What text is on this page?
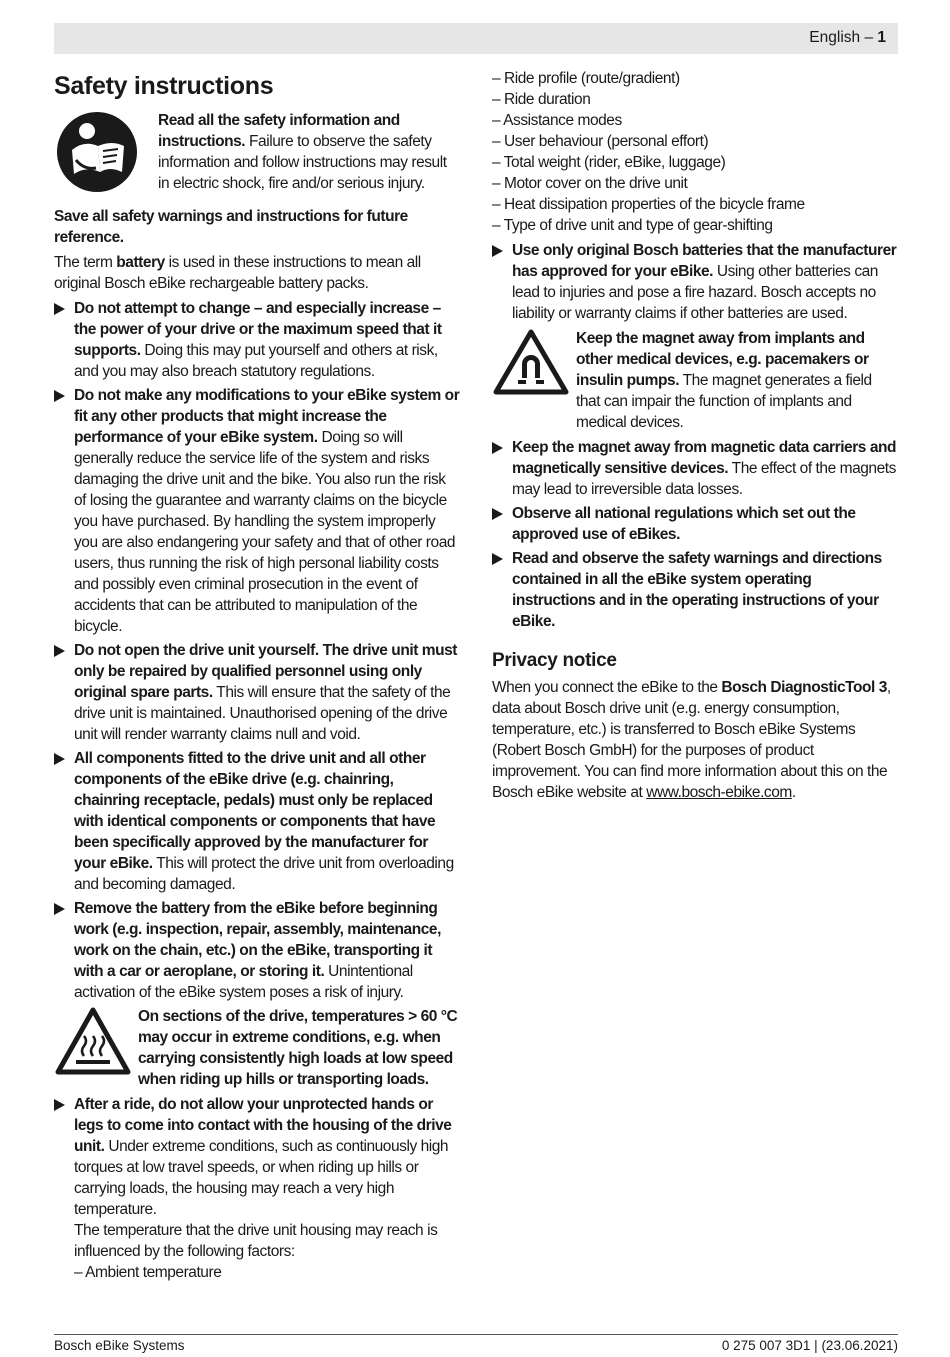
English – 1
Safety instructions
Read all the safety information and instructions. Failure to observe the safety information and follow instructions may result in electric shock, fire and/or serious injury.

Save all safety warnings and instructions for future reference.

The term battery is used in these instructions to mean all original Bosch eBike rechargeable battery packs.

Do not attempt to change – and especially increase – the power of your drive or the maximum speed that it supports. Doing this may put yourself and others at risk, and you may also breach statutory regulations.
Do not make any modifications to your eBike system or fit any other products that might increase the performance of your eBike system. Doing so will generally reduce the service life of the system and risks damaging the drive unit and the bike. You also run the risk of losing the guarantee and warranty claims on the bicycle you have purchased. By handling the system improperly you are also endangering your safety and that of other road users, thus running the risk of high personal liability costs and possibly even criminal prosecution in the event of accidents that can be attributed to manipulation of the bicycle.
Do not open the drive unit yourself. The drive unit must only be repaired by qualified personnel using only original spare parts. This will ensure that the safety of the drive unit is maintained. Unauthorised opening of the drive unit will render warranty claims null and void.
All components fitted to the drive unit and all other components of the eBike drive (e.g. chainring, chainring receptacle, pedals) must only be replaced with identical components or components that have been specifically approved by the manufacturer for your eBike. This will protect the drive unit from overloading and becoming damaged.
Remove the battery from the eBike before beginning work (e.g. inspection, repair, assembly, maintenance, work on the chain, etc.) on the eBike, transporting it with a car or aeroplane, or storing it. Unintentional activation of the eBike system poses a risk of injury.
On sections of the drive, temperatures > 60 °C may occur in extreme conditions, e.g. when carrying consistently high loads at low speed when riding up hills or transporting loads.
After a ride, do not allow your unprotected hands or legs to come into contact with the housing of the drive unit. Under extreme conditions, such as continuously high torques at low travel speeds, or when riding up hills or carrying loads, the housing may reach a very high temperature.
The temperature that the drive unit housing may reach is influenced by the following factors:
– Ambient temperature
– Ride profile (route/gradient)
– Ride duration
– Assistance modes
– User behaviour (personal effort)
– Total weight (rider, eBike, luggage)
– Motor cover on the drive unit
– Heat dissipation properties of the bicycle frame
– Type of drive unit and type of gear-shifting
Use only original Bosch batteries that the manufacturer has approved for your eBike. Using other batteries can lead to injuries and pose a fire hazard. Bosch accepts no liability or warranty claims if other batteries are used.
Keep the magnet away from implants and other medical devices, e.g. pacemakers or insulin pumps. The magnet generates a field that can impair the function of implants and medical devices.
Keep the magnet away from magnetic data carriers and magnetically sensitive devices. The effect of the magnets may lead to irreversible data losses.
Observe all national regulations which set out the approved use of eBikes.
Read and observe the safety warnings and directions contained in all the eBike system operating instructions and in the operating instructions of your eBike.
Privacy notice

When you connect the eBike to the Bosch DiagnosticTool 3, data about Bosch drive unit (e.g. energy consumption, temperature, etc.) is transferred to Bosch eBike Systems (Robert Bosch GmbH) for the purposes of product improvement. You can find more information about this on the Bosch eBike website at www.bosch-ebike.com.

Bosch eBike Systems	0 275 007 3D1 | (23.06.2021)
